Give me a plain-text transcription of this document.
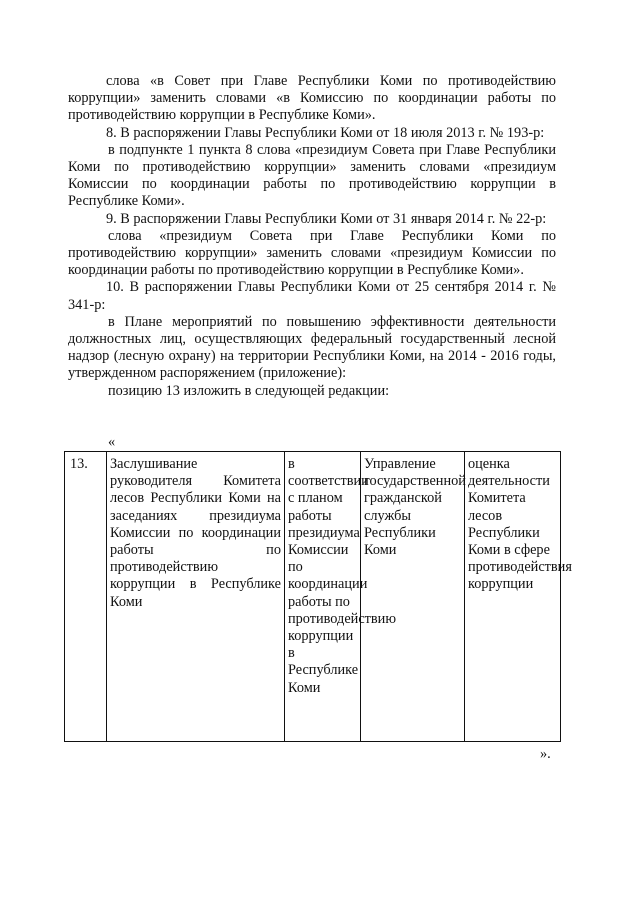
слова «в Совет при Главе Республики Коми по противодействию коррупции» заменить словами «в Комиссию по координации работы по противодействию коррупции в Республике Коми».

8. В распоряжении Главы Республики Коми от 18 июля 2013 г. № 193-р:

в подпункте 1 пункта 8 слова «президиум Совета при Главе Республики Коми по противодействию коррупции» заменить словами «президиум Комиссии по координации работы по противодействию коррупции в Республике Коми».

9. В распоряжении Главы Республики Коми от 31 января 2014 г. № 22-р:

слова «президиум Совета при Главе Республики Коми по противодействию коррупции» заменить словами «президиум Комиссии по координации работы по противодействию коррупции в Республике Коми».

10. В распоряжении Главы Республики Коми от 25 сентября 2014 г. № 341-р:

в Плане мероприятий по повышению эффективности деятельности должностных лиц, осуществляющих федеральный государственный лесной надзор (лесную охрану) на территории Республики Коми, на 2014 - 2016 годы, утвержденном распоряжением (приложение):

позицию 13 изложить в следующей редакции:

«
13.	Заслушивание руководителя Комитета лесов Республики Коми на заседаниях президиума Комиссии по координации работы по противодействию коррупции в Республике Коми	в соответствии с планом работы президиума Комиссии по координации работы по противодействию коррупции в Республике Коми	Управление государственной гражданской службы Республики Коми	оценка деятельности Комитета лесов Республики Коми в сфере противодействия коррупции
».
